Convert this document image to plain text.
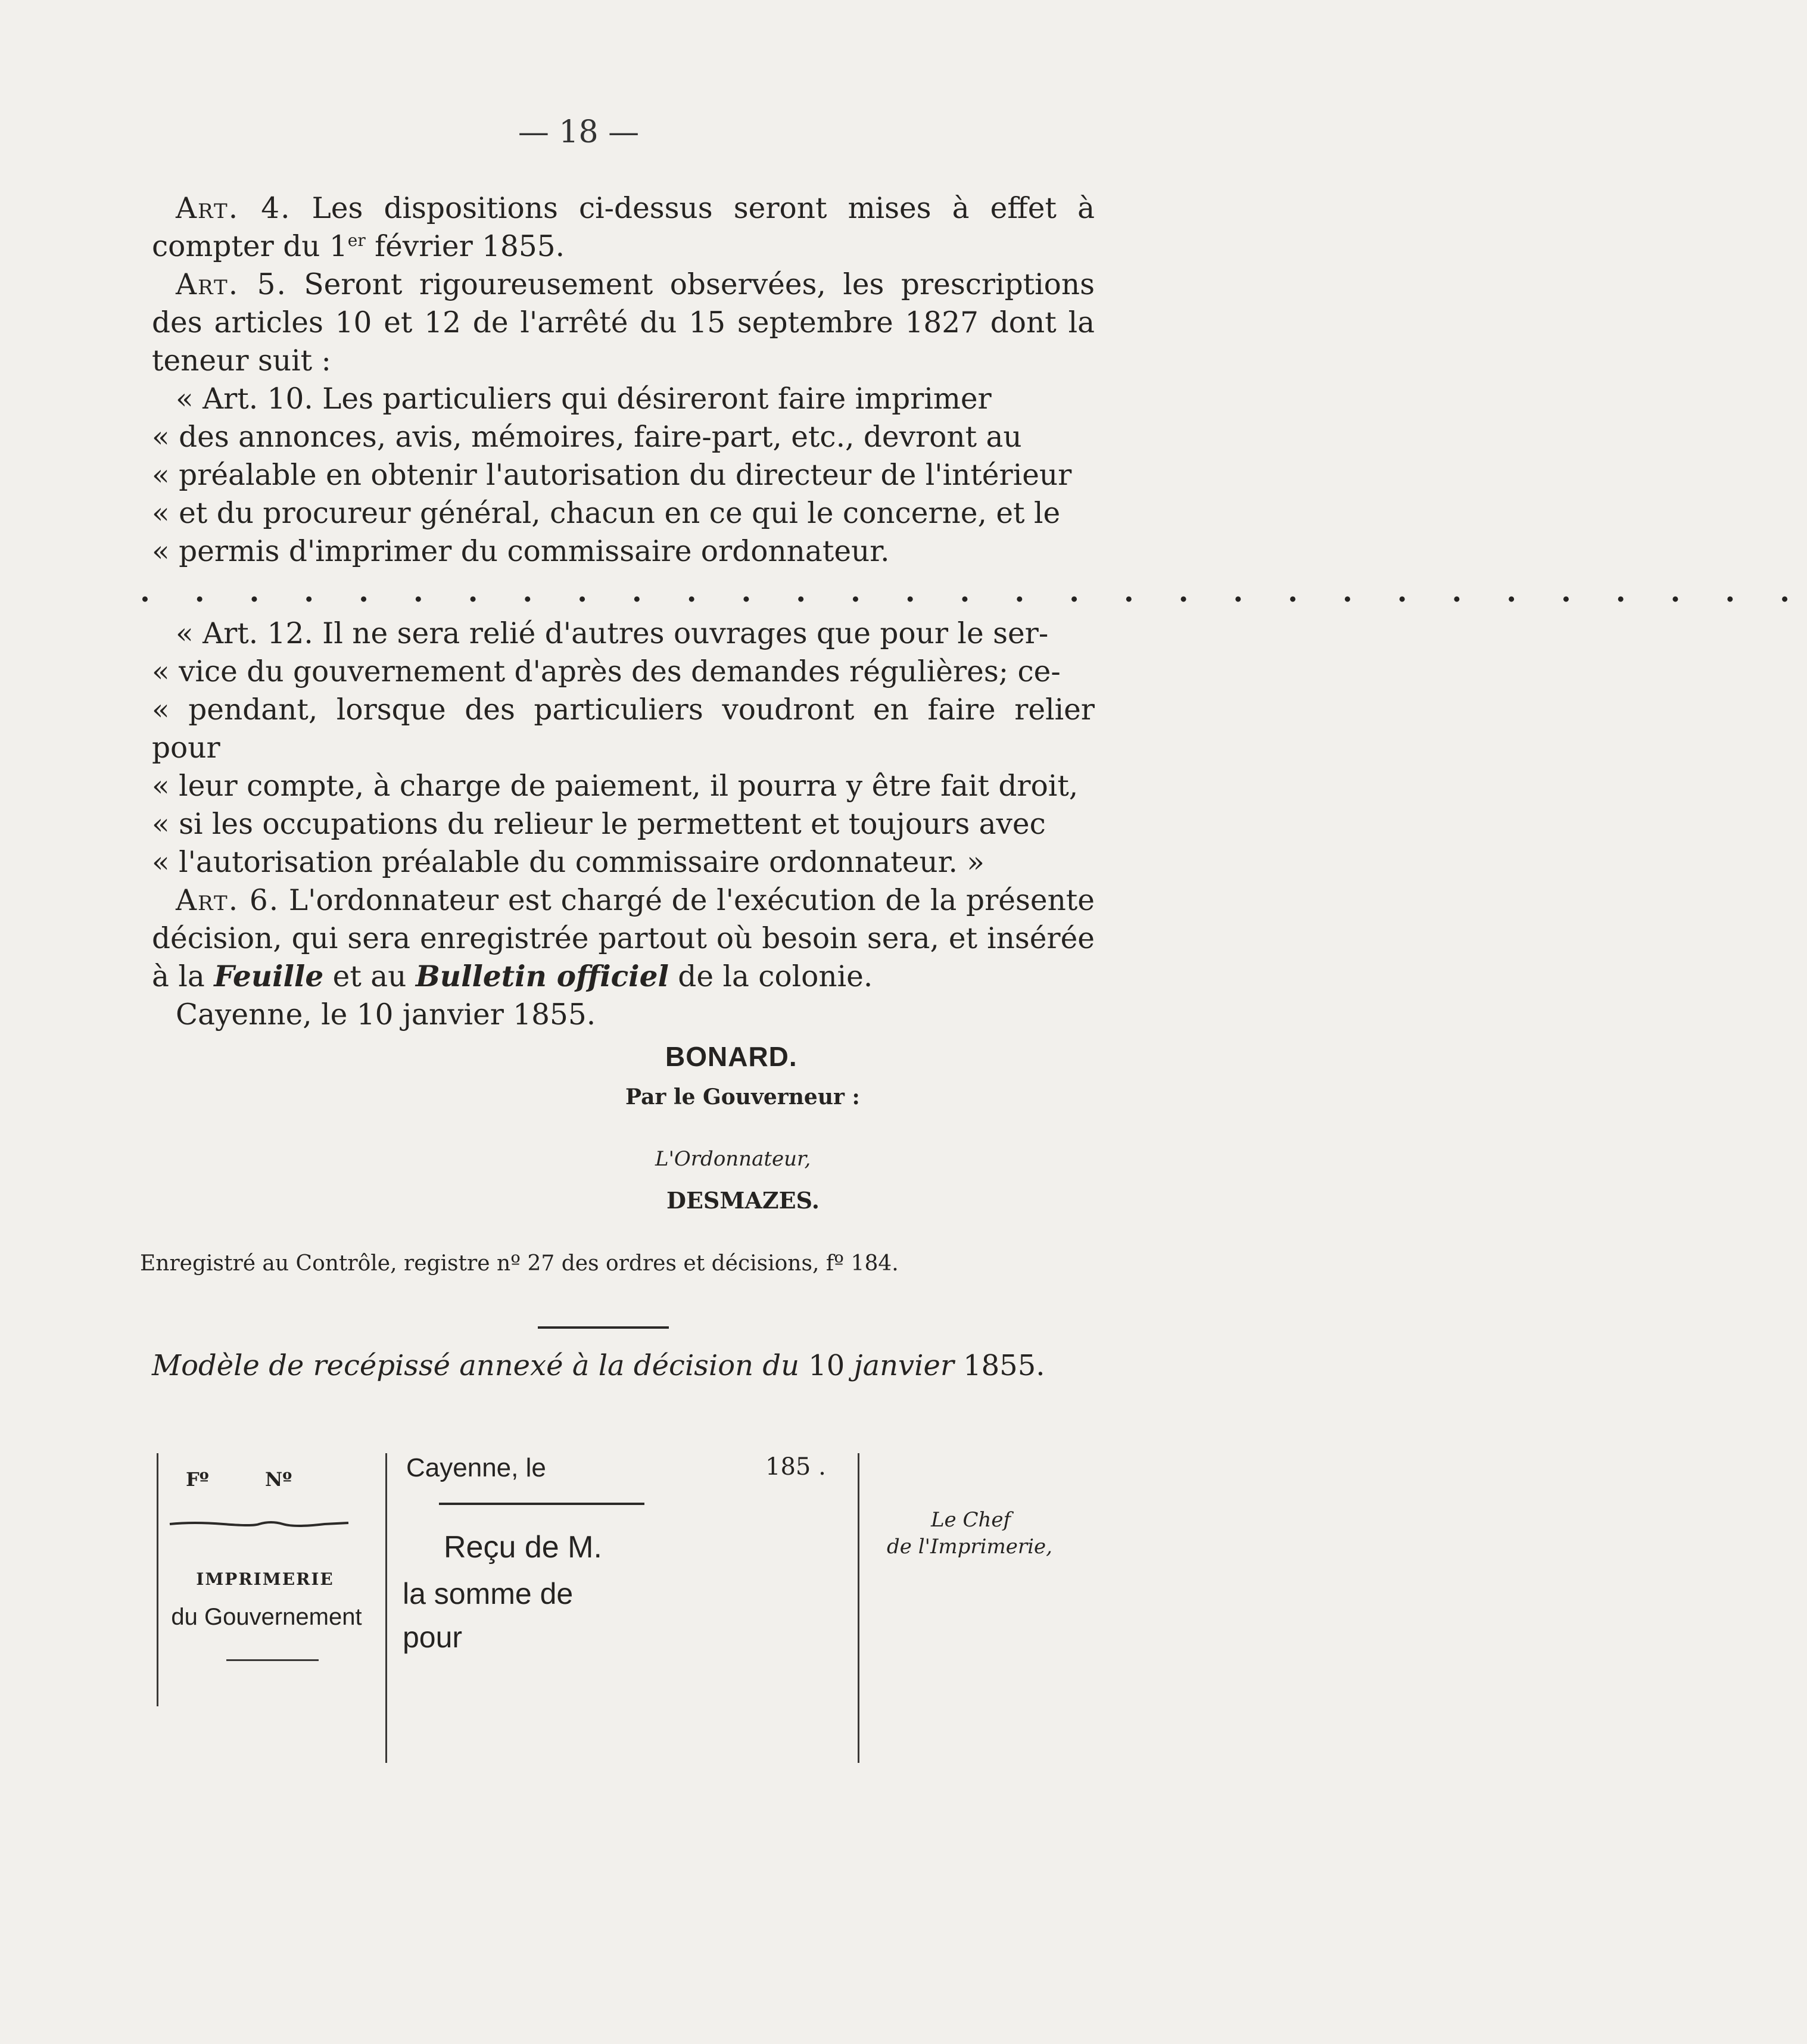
— 18 —

Art. 4. Les dispositions ci-dessus seront mises à effet à compter du 1er février 1855.

Art. 5. Seront rigoureusement observées, les prescriptions des articles 10 et 12 de l'arrêté du 15 septembre 1827 dont la teneur suit :

« Art. 10. Les particuliers qui désireront faire imprimer

« des annonces, avis, mémoires, faire-part, etc., devront au

« préalable en obtenir l'autorisation du directeur de l'intérieur

« et du procureur général, chacun en ce qui le concerne, et le

« permis d'imprimer du commissaire ordonnateur.

. . . . . . . . . . . . . . . . . . . . . . . . . . . . . . .

« Art. 12. Il ne sera relié d'autres ouvrages que pour le ser-

« vice du gouvernement d'après des demandes régulières; ce-

« pendant, lorsque des particuliers voudront en faire relier pour

« leur compte, à charge de paiement, il pourra y être fait droit,

« si les occupations du relieur le permettent et toujours avec

« l'autorisation préalable du commissaire ordonnateur. »

Art. 6. L'ordonnateur est chargé de l'exécution de la présente décision, qui sera enregistrée partout où besoin sera, et insérée à la Feuille et au Bulletin officiel de la colonie.

Cayenne, le 10 janvier 1855.

BONARD.
Par le Gouverneur :
L'Ordonnateur,
DESMAZES.
Enregistré au Contrôle, registre nº 27 des ordres et décisions, fº 184.
Modèle de recépissé annexé à la décision du 10 janvier 1855.
Fº	Nº
IMPRIMERIE
du Gouvernement
Cayenne, le	185 .
Reçu de M.
la somme de
pour
Le Chef
de l'Imprimerie,
